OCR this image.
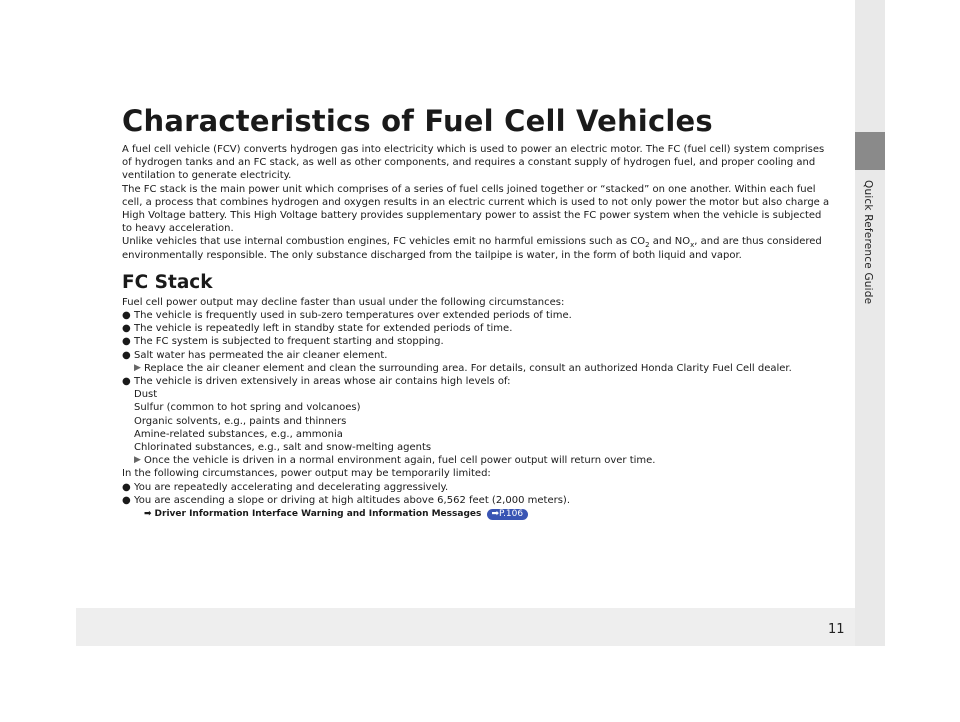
Quick Reference Guide
11
Characteristics of Fuel Cell Vehicles

A fuel cell vehicle (FCV) converts hydrogen gas into electricity which is used to power an electric motor. The FC (fuel cell) system comprises of hydrogen tanks and an FC stack, as well as other components, and requires a constant supply of hydrogen fuel, and proper cooling and ventilation to generate electricity.

The FC stack is the main power unit which comprises of a series of fuel cells joined together or “stacked” on one another. Within each fuel cell, a process that combines hydrogen and oxygen results in an electric current which is used to not only power the motor but also charge a High Voltage battery. This High Voltage battery provides supplementary power to assist the FC power system when the vehicle is subjected to heavy acceleration.

Unlike vehicles that use internal combustion engines, FC vehicles emit no harmful emissions such as $CO_2$ and $NO_x$, and are thus considered environmentally responsible. The only substance discharged from the tailpipe is water, in the form of both liquid and vapor.

FC Stack

Fuel cell power output may decline faster than usual under the following circumstances:

● The vehicle is frequently used in sub-zero temperatures over extended periods of time.
● The vehicle is repeatedly left in standby state for extended periods of time.
● The FC system is subjected to frequent starting and stopping.
● Salt water has permeated the air cleaner element.
▶ Replace the air cleaner element and clean the surrounding area. For details, consult an authorized Honda Clarity Fuel Cell dealer.
● The vehicle is driven extensively in areas whose air contains high levels of:
Dust
Sulfur (common to hot spring and volcanoes)
Organic solvents, e.g., paints and thinners
Amine-related substances, e.g., ammonia
Chlorinated substances, e.g., salt and snow-melting agents
▶ Once the vehicle is driven in a normal environment again, fuel cell power output will return over time.

In the following circumstances, power output may be temporarily limited:

● You are repeatedly accelerating and decelerating aggressively.
● You are ascending a slope or driving at high altitudes above 6,562 feet (2,000 meters).
➡ Driver Information Interface Warning and Information Messages ➡P.106
